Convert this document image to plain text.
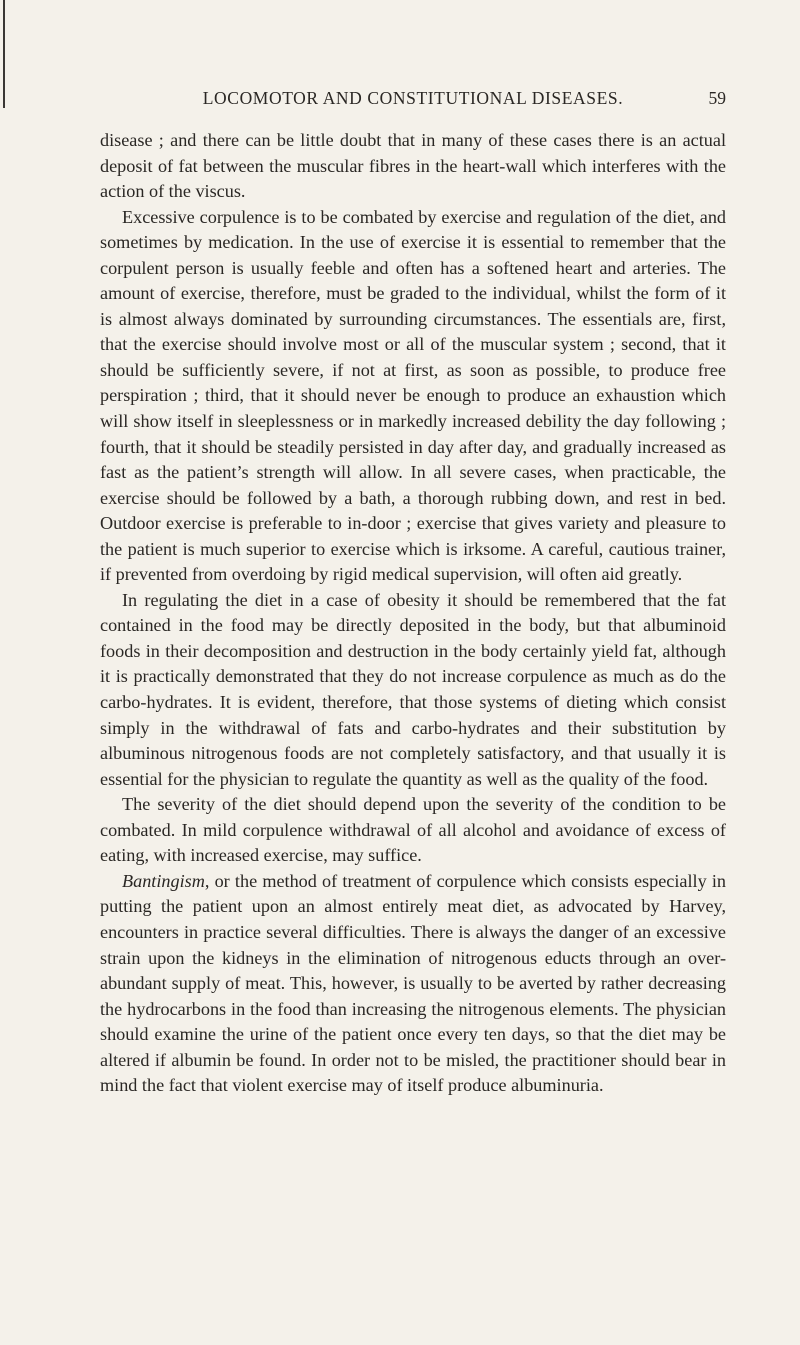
LOCOMOTOR AND CONSTITUTIONAL DISEASES.	59

disease ; and there can be little doubt that in many of these cases there is an actual deposit of fat between the muscular fibres in the heart-wall which interferes with the action of the viscus.

Excessive corpulence is to be combated by exercise and regulation of the diet, and sometimes by medication. In the use of exercise it is essential to remember that the corpulent person is usually feeble and often has a softened heart and arteries. The amount of exercise, therefore, must be graded to the individual, whilst the form of it is almost always dominated by surrounding circumstances. The essentials are, first, that the exercise should involve most or all of the muscular system ; second, that it should be sufficiently severe, if not at first, as soon as possible, to produce free perspiration ; third, that it should never be enough to produce an exhaustion which will show itself in sleeplessness or in markedly increased debility the day following ; fourth, that it should be steadily persisted in day after day, and gradually increased as fast as the patient’s strength will allow. In all severe cases, when practicable, the exercise should be followed by a bath, a thorough rubbing down, and rest in bed. Outdoor exercise is preferable to in-door ; exercise that gives variety and pleasure to the patient is much superior to exercise which is irksome. A careful, cautious trainer, if prevented from overdoing by rigid medical supervision, will often aid greatly.

In regulating the diet in a case of obesity it should be remembered that the fat contained in the food may be directly deposited in the body, but that albuminoid foods in their decomposition and destruction in the body certainly yield fat, although it is practically demonstrated that they do not increase corpulence as much as do the carbo-hydrates. It is evident, therefore, that those systems of dieting which consist simply in the withdrawal of fats and carbo-hydrates and their substitution by albuminous nitrogenous foods are not completely satisfactory, and that usually it is essential for the physician to regulate the quantity as well as the quality of the food.

The severity of the diet should depend upon the severity of the condition to be combated. In mild corpulence withdrawal of all alcohol and avoidance of excess of eating, with increased exercise, may suffice.

Bantingism, or the method of treatment of corpulence which consists especially in putting the patient upon an almost entirely meat diet, as advocated by Harvey, encounters in practice several difficulties. There is always the danger of an excessive strain upon the kidneys in the elimination of nitrogenous educts through an over-abundant supply of meat. This, however, is usually to be averted by rather decreasing the hydrocarbons in the food than increasing the nitrogenous elements. The physician should examine the urine of the patient once every ten days, so that the diet may be altered if albumin be found. In order not to be misled, the practitioner should bear in mind the fact that violent exercise may of itself produce albuminuria.
